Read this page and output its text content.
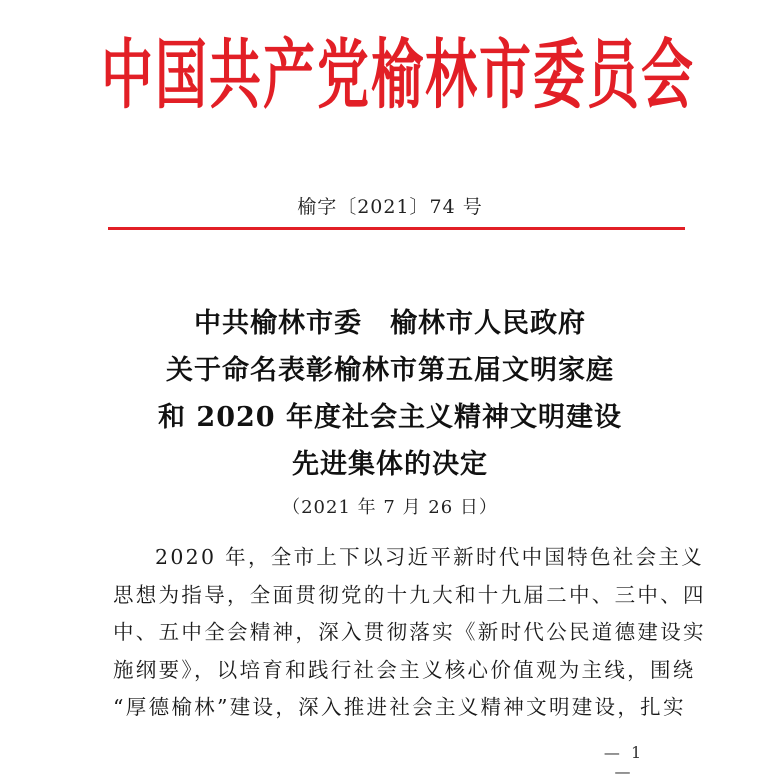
中国共产党榆林市委员会
榆字〔2021〕74 号
中共榆林市委　榆林市人民政府
关于命名表彰榆林市第五届文明家庭
和 2020 年度社会主义精神文明建设
先进集体的决定
（2021 年 7 月 26 日）
2020 年，全市上下以习近平新时代中国特色社会主义
思想为指导，全面贯彻党的十九大和十九届二中、三中、四
中、五中全会精神，深入贯彻落实《新时代公民道德建设实
施纲要》，以培育和践行社会主义核心价值观为主线，围绕
“厚德榆林”建设，深入推进社会主义精神文明建设，扎实
— 1 —
